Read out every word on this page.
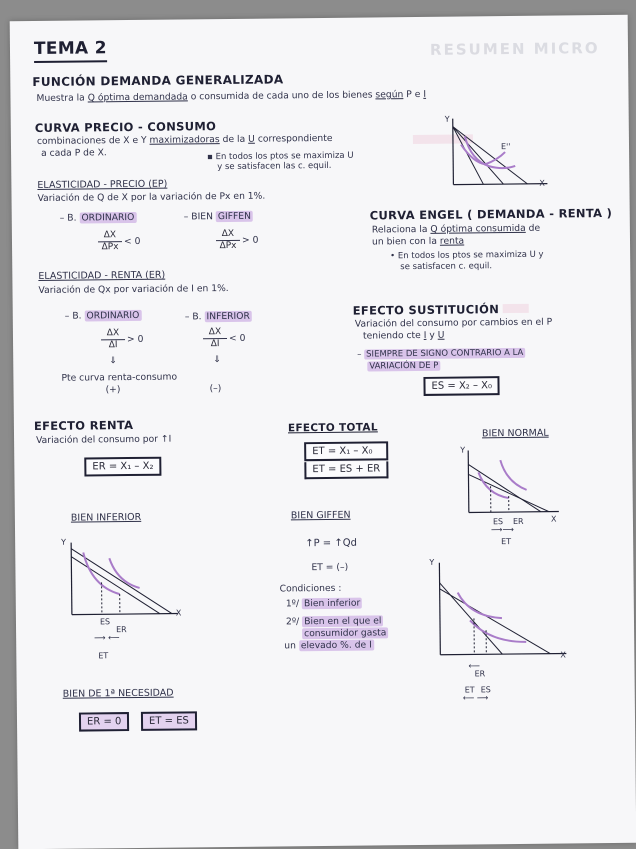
RESUMEN MICRO
TEMA 2
FUNCIÓN DEMANDA GENERALIZADA
Muestra la Q óptima demandada o consumida de cada uno de los bienes según P e I
CURVA PRECIO - CONSUMO
combinaciones de X e Y maximizadoras de la U correspondiente
a cada P de X.	▪ En todos los ptos se maximiza U
y se satisfacen las c. equil.
Y
X
E''
ELASTICIDAD - PRECIO (EP)
Variación de Q de X por la variación de Px en 1%.
– B. ORDINARIO	– BIEN GIFFEN
ΔX
ΔPx
< 0
ΔX
ΔPx
> 0
CURVA ENGEL ( DEMANDA - RENTA )
Relaciona la Q óptima consumida de
un bien con la renta
• En todos los ptos se maximiza U y
se satisfacen c. equil.
ELASTICIDAD - RENTA (ER)
Variación de Qx por variación de I en 1%.
– B. ORDINARIO	– B. INFERIOR
$\frac{\Delta X}{\Delta I} > 0$	$\frac{\Delta X}{\Delta I} < 0$
⇓	⇓
Pte curva renta-consumo
(+)	(–)
EFECTO SUSTITUCIÓN
Variación del consumo por cambios en el P
teniendo cte I y U
– SIEMPRE DE SIGNO CONTRARIO A LA
VARIACIÓN DE P
ES = X₂ – X₀
EFECTO RENTA
Variación del consumo por ↑I
ER = X₁ – X₂
EFECTO TOTAL
ET = X₁ – X₀
ET = ES + ER
BIEN NORMAL
Y
X
ES ER
⟶⟶
ET
BIEN INFERIOR
Y
X
ES
ER
⟶ ⟵
ET
BIEN GIFFEN
↑P = ↑Qd
ET = (–)
Condiciones :
1º/ Bien inferior
2º/ Bien en el que el
consumidor gasta
un elevado %. de I
Y
X
⟵
ER
ET ES
⟵ ⟶
BIEN DE 1ª NECESIDAD
ER = 0	ET = ES
